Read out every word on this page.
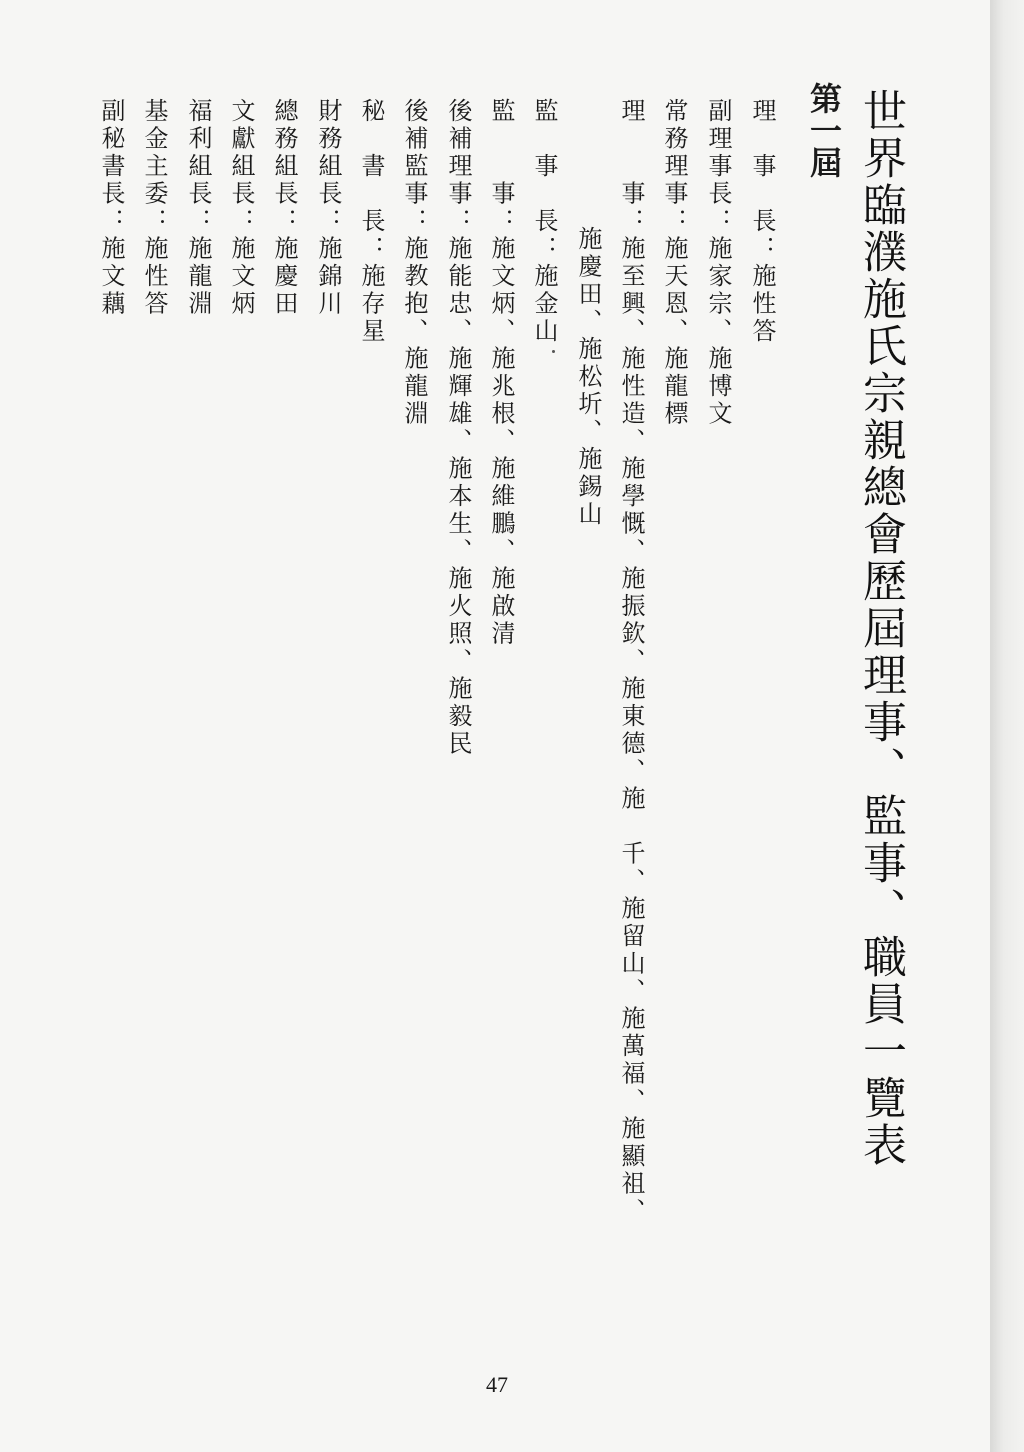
世界臨濮施氏宗親總會歷屆理事、監事、職員一覽表
第一屆
理　事　長：施性答
副理事長：施家宗、施博文
常務理事：施天恩、施龍標
理　　事：施至興、施性造、施學慨、施振欽、施東德、施　千、施留山、施萬福、施顯祖、
施慶田、施松圻、施錫山
監　事　長：施金山
監　　事：施文炳、施兆根、施維鵬、施啟清
後補理事：施能忠、施輝雄、施本生、施火照、施毅民
後補監事：施教抱、施龍淵
秘　書　長：施存星
財務組長：施錦川
總務組長：施慶田
文獻組長：施文炳
福利組長：施龍淵
基金主委：施性答
副秘書長：施文藕
47
